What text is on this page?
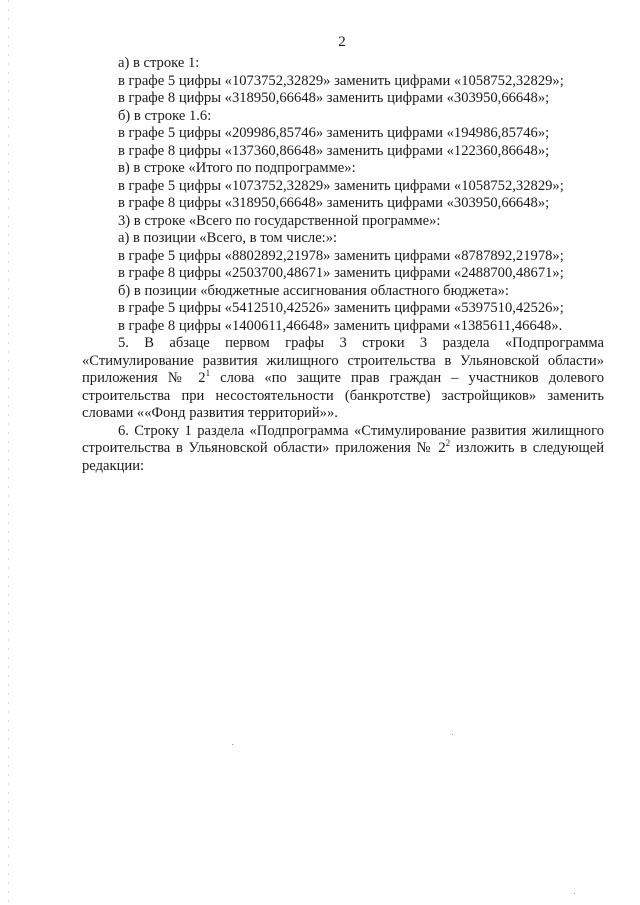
2

а) в строке 1:

в графе 5 цифры «1073752,32829» заменить цифрами «1058752,32829»;

в графе 8 цифры «318950,66648» заменить цифрами «303950,66648»;

б) в строке 1.6:

в графе 5 цифры «209986,85746» заменить цифрами «194986,85746»;

в графе 8 цифры «137360,86648» заменить цифрами «122360,86648»;

в) в строке «Итого по подпрограмме»:

в графе 5 цифры «1073752,32829» заменить цифрами «1058752,32829»;

в графе 8 цифры «318950,66648» заменить цифрами «303950,66648»;

3) в строке «Всего по государственной программе»:

а) в позиции «Всего, в том числе:»:

в графе 5 цифры «8802892,21978» заменить цифрами «8787892,21978»;

в графе 8 цифры «2503700,48671» заменить цифрами «2488700,48671»;

б) в позиции «бюджетные ассигнования областного бюджета»:

в графе 5 цифры «5412510,42526» заменить цифрами «5397510,42526»;

в графе 8 цифры «1400611,46648» заменить цифрами «1385611,46648».

5. В абзаце первом графы 3 строки 3 раздела «Подпрограмма «Стимулирование развития жилищного строительства в Ульяновской области» приложения № $2^1$ слова «по защите прав граждан – участников долевого строительства при несостоятельности (банкротстве) застройщиков» заменить словами ««Фонд развития территорий»».

6. Строку 1 раздела «Подпрограмма «Стимулирование развития жилищного строительства в Ульяновской области» приложения № $2^2$ изложить в следующей редакции:
